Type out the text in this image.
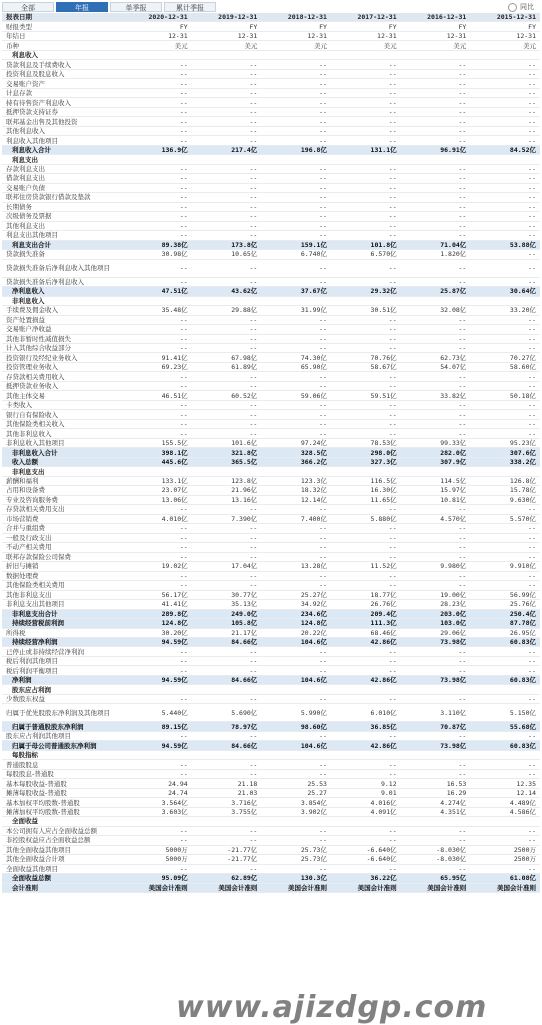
全部	年报	单季报	累计季报	同比
报表日期	2020-12-31	2019-12-31	2018-12-31	2017-12-31	2016-12-31	2015-12-31
财报类型	FY	FY	FY	FY	FY	FY
年结日	12-31	12-31	12-31	12-31	12-31	12-31
币种	美元	美元	美元	美元	美元	美元
利息收入						
贷款利息及手续费收入	--	--	--	--	--	--
投资利息及股息收入	--	--	--	--	--	--
交易账户资产	--	--	--	--	--	--
计息存款	--	--	--	--	--	--
持有待售资产利息收入	--	--	--	--	--	--
抵押贷款支持证券	--	--	--	--	--	--
联邦基金出售及其他投资	--	--	--	--	--	--
其他利息收入	--	--	--	--	--	--
利息收入其他项目	--	--	--	--	--	--
利息收入合计	136.9亿	217.4亿	196.8亿	131.1亿	96.91亿	84.52亿
利息支出						
存款利息支出	--	--	--	--	--	--
借款利息支出	--	--	--	--	--	--
交易账户负债	--	--	--	--	--	--
联邦住房贷款银行借款及垫款	--	--	--	--	--	--
长期债务	--	--	--	--	--	--
次级债务及票据	--	--	--	--	--	--
其他利息支出	--	--	--	--	--	--
利息支出其他项目	--	--	--	--	--	--
利息支出合计	89.38亿	173.8亿	159.1亿	101.8亿	71.04亿	53.88亿
贷款损失准备	30.98亿	10.65亿	6.740亿	6.570亿	1.820亿	--
贷款损失准备后净利息收入其他项目	--	--	--	--	--	--
贷款损失准备后净利息收入	--	--	--	--	--	--
净利息收入	47.51亿	43.62亿	37.67亿	29.32亿	25.87亿	30.64亿
非利息收入						
手续费及佣金收入	35.48亿	29.88亿	31.99亿	30.51亿	32.08亿	33.20亿
资产处置损益	--	--	--	--	--	--
交易账户净收益	--	--	--	--	--	--
其他非暂时性减值损失	--	--	--	--	--	--
计入其他综合收益部分	--	--	--	--	--	--
投资银行及经纪业务收入	91.41亿	67.98亿	74.30亿	70.76亿	62.73亿	70.27亿
投资管理业务收入	69.23亿	61.89亿	65.90亿	58.67亿	54.07亿	58.60亿
存贷款相关费用收入	--	--	--	--	--	--
抵押贷款业务收入	--	--	--	--	--	--
其他主体交易	46.51亿	60.52亿	59.06亿	59.51亿	33.82亿	50.18亿
卡类收入	--	--	--	--	--	--
银行自有保险收入	--	--	--	--	--	--
其他保险类相关收入	--	--	--	--	--	--
其他非利息收入	--	--	--	--	--	--
非利息收入其他项目	155.5亿	101.6亿	97.24亿	78.53亿	99.33亿	95.23亿
非利息收入合计	398.1亿	321.8亿	328.5亿	298.0亿	282.0亿	307.6亿
收入总额	445.6亿	365.5亿	366.2亿	327.3亿	307.9亿	338.2亿
非利息支出						
薪酬和福利	133.1亿	123.8亿	123.3亿	116.5亿	114.5亿	126.8亿
占用和设备费	23.07亿	21.96亿	18.32亿	16.30亿	15.97亿	15.78亿
专业及咨询服务费	13.06亿	13.16亿	12.14亿	11.65亿	10.81亿	9.630亿
存贷款相关费用支出	--	--	--	--	--	--
市场营销费	4.010亿	7.390亿	7.400亿	5.880亿	4.570亿	5.570亿
合并与重组费	--	--	--	--	--	--
一般及行政支出	--	--	--	--	--	--
不动产相关费用	--	--	--	--	--	--
联邦存款保险公司保费	--	--	--	--	--	--
折旧与摊销	19.02亿	17.04亿	13.28亿	11.52亿	9.980亿	9.910亿
数据处理费	--	--	--	--	--	--
其他保险类相关费用	--	--	--	--	--	--
其他非利息支出	56.17亿	30.77亿	25.27亿	18.77亿	19.00亿	56.99亿
非利息支出其他项目	41.41亿	35.13亿	34.92亿	26.76亿	28.23亿	25.76亿
非利息支出合计	289.8亿	249.0亿	234.6亿	209.4亿	203.0亿	250.4亿
持续经营税前利润	124.8亿	105.8亿	124.8亿	111.3亿	103.0亿	87.78亿
所得税	30.20亿	21.17亿	20.22亿	68.46亿	29.06亿	26.95亿
持续经营净利润	94.59亿	84.66亿	104.6亿	42.86亿	73.98亿	60.83亿
已停止或非持续经营净利润	--	--	--	--	--	--
税后利润其他项目	--	--	--	--	--	--
税后利润平衡项目	--	--	--	--	--	--
净利润	94.59亿	84.66亿	104.6亿	42.86亿	73.98亿	60.83亿
股东应占利润						
少数股东权益	--	--	--	--	--	--
归属于优先股股东净利润及其他项目	5.440亿	5.690亿	5.990亿	6.010亿	3.110亿	5.150亿
归属于普通股股东净利润	89.15亿	78.97亿	98.60亿	36.85亿	70.87亿	55.68亿
股东应占利润其他项目	--	--	--	--	--	--
归属于母公司普通股东净利润	94.59亿	84.66亿	104.6亿	42.86亿	73.98亿	60.83亿
每股指标						
普通股股息	--	--	--	--	--	--
每股股息-普通股	--	--	--	--	--	--
基本每股收益-普通股	24.94	21.18	25.53	9.12	16.53	12.35
摊薄每股收益-普通股	24.74	21.03	25.27	9.01	16.29	12.14
基本加权平均股数-普通股	3.564亿	3.716亿	3.854亿	4.016亿	4.274亿	4.489亿
摊薄加权平均股数-普通股	3.603亿	3.755亿	3.902亿	4.091亿	4.351亿	4.586亿
全面收益						
本公司拥有人应占全面收益总额	--	--	--	--	--	--
非控股权益应占全面收益总额	--	--	--	--	--	--
其他全面收益其他项目	5000万	-21.77亿	25.73亿	-6.640亿	-8.030亿	2500万
其他全面收益合计项	5000万	-21.77亿	25.73亿	-6.640亿	-8.030亿	2500万
全面收益其他项目	--	--	--	--	--	--
全面收益总额	95.09亿	62.89亿	130.3亿	36.22亿	65.95亿	61.08亿
会计准则	美国会计准则	美国会计准则	美国会计准则	美国会计准则	美国会计准则	美国会计准则
www.ajizdgp.com
